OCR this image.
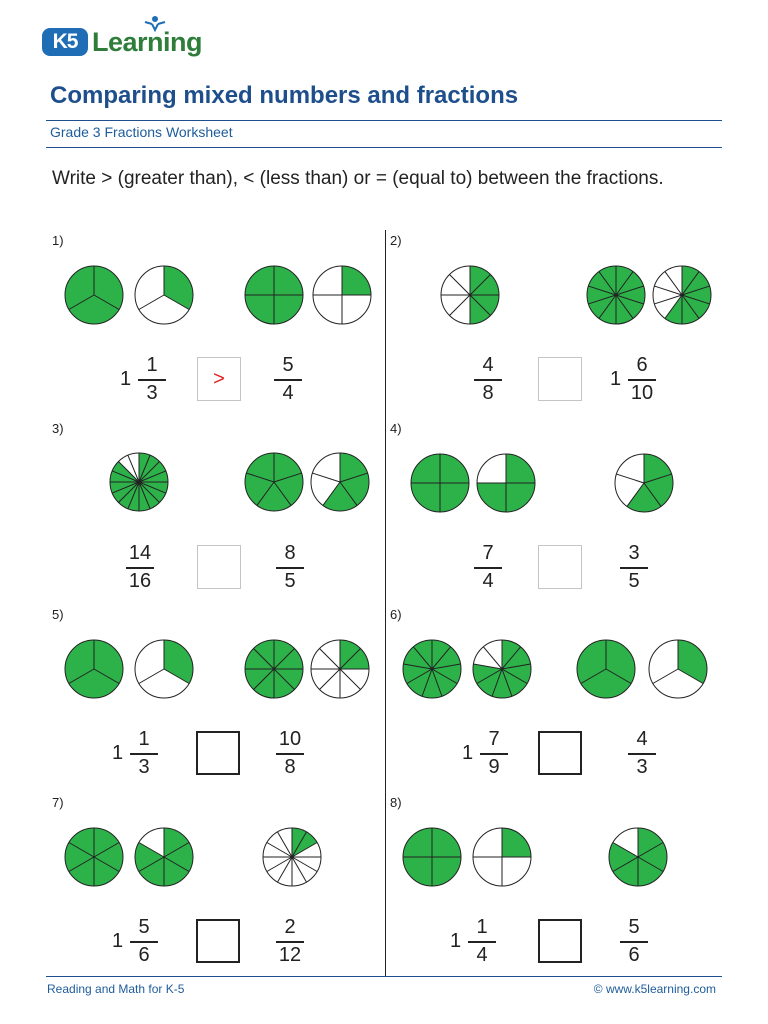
K5 Learning
Comparing mixed numbers and fractions
Grade 3 Fractions Worksheet
Write > (greater than), < (less than) or = (equal to) between the fractions.
1)
1
1
3
>
5
4
2)
4
8
1
6
10
3)
14
16
8
5
4)
7
4
3
5
5)
1
1
3
10
8
6)
1
7
9
4
3
7)
1
5
6
2
12
8)
1
1
4
5
6
Reading and Math for K-5	© www.k5learning.com
